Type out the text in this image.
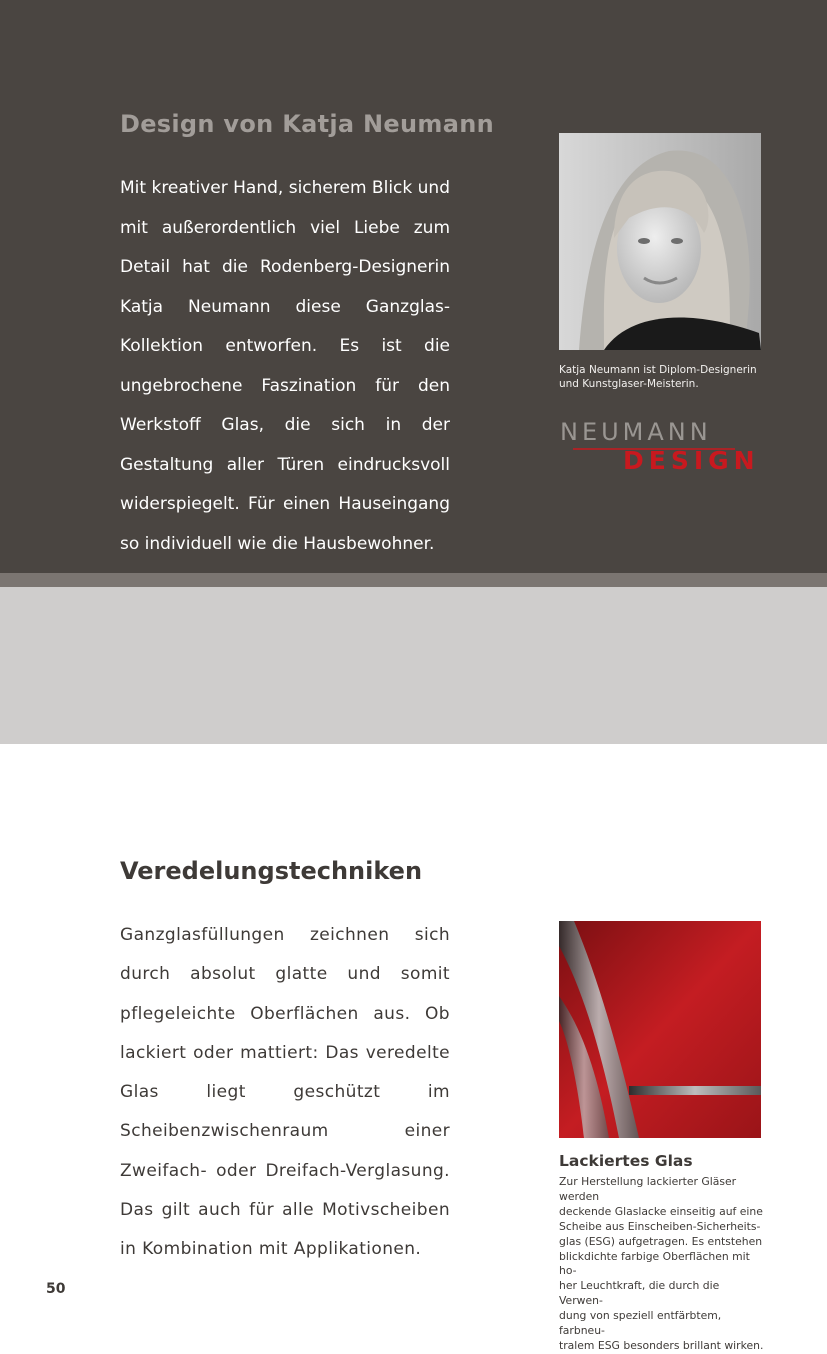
Design von Katja Neumann

Mit kreativer Hand, sicherem Blick und mit außerordentlich viel Liebe zum Detail hat die Rodenberg-Designerin Katja Neumann diese Ganzglas-Kollektion entworfen. Es ist die ungebrochene Faszination für den Werkstoff Glas, die sich in der Gestaltung aller Türen eindrucksvoll widerspiegelt. Für einen Hauseingang so individuell wie die Hausbewohner.

Katja Neumann ist Diplom-Designerin
und Kunstglaser-Meisterin.

NEUMANN
DESIGN
Veredelungstechniken

Ganzglasfüllungen zeichnen sich durch absolut glatte und somit pflegeleichte Oberflächen aus. Ob lackiert oder mattiert: Das veredelte Glas liegt geschützt im Scheibenzwischenraum einer Zweifach- oder Dreifach-Verglasung. Das gilt auch für alle Motivscheiben in Kombination mit Applikationen.

Lackiertes Glas

Zur Herstellung lackierter Gläser werden
deckende Glaslacke einseitig auf eine
Scheibe aus Einscheiben-Sicherheits-
glas (ESG) aufgetragen. Es entstehen
blickdichte farbige Oberflächen mit ho-
her Leuchtkraft, die durch die Verwen-
dung von speziell entfärbtem, farbneu-
tralem ESG besonders brillant wirken.

50
